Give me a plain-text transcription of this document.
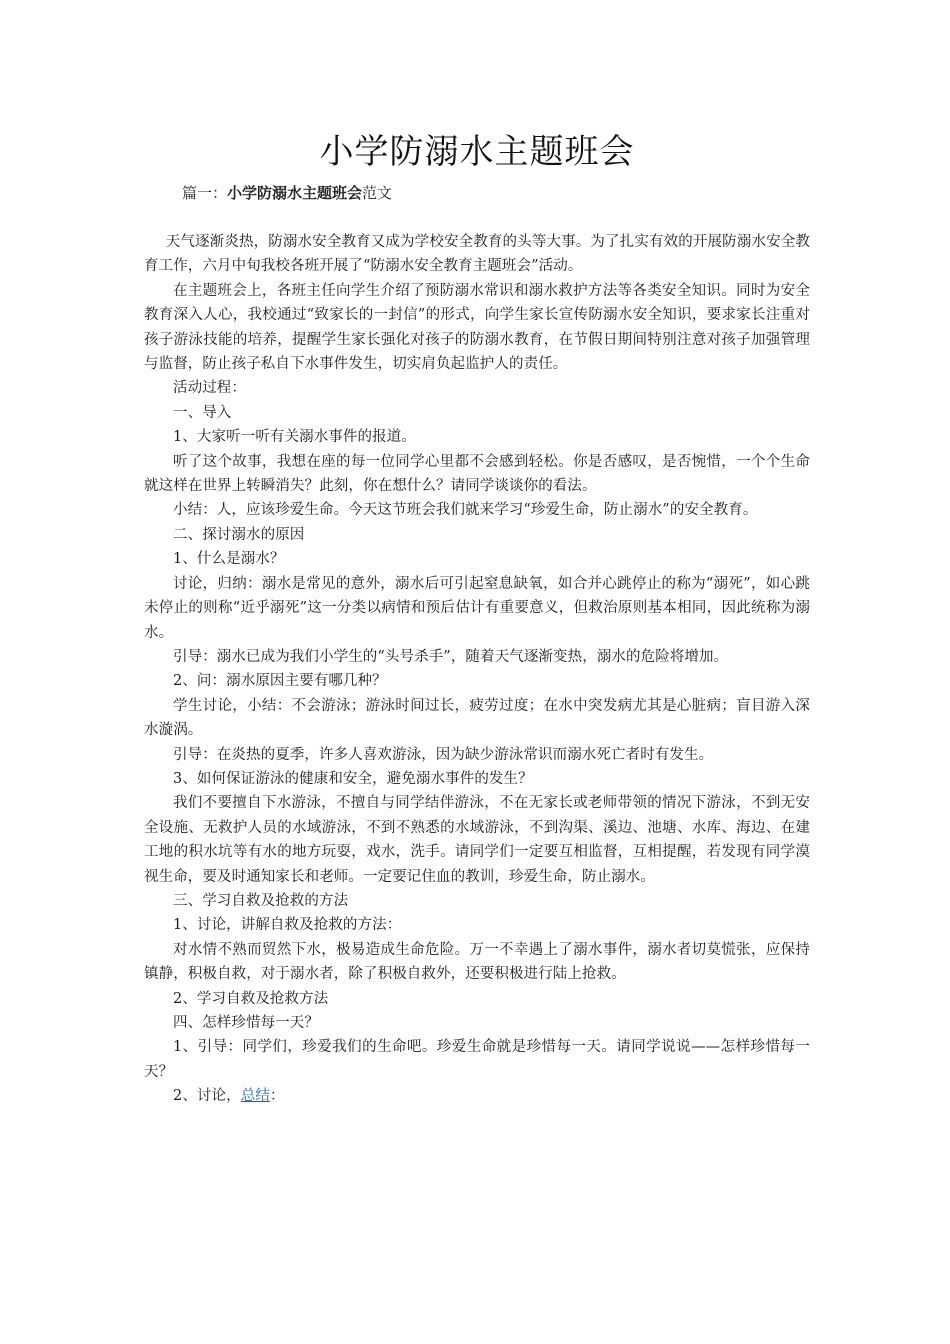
小学防溺水主题班会
篇一：小学防溺水主题班会范文

天气逐渐炎热，防溺水安全教育又成为学校安全教育的头等大事。为了扎实有效的开展防溺水安全教育工作，六月中旬我校各班开展了“防溺水安全教育主题班会”活动。

在主题班会上，各班主任向学生介绍了预防溺水常识和溺水救护方法等各类安全知识。同时为安全教育深入人心，我校通过“致家长的一封信”的形式，向学生家长宣传防溺水安全知识，要求家长注重对孩子游泳技能的培养，提醒学生家长强化对孩子的防溺水教育，在节假日期间特别注意对孩子加强管理与监督，防止孩子私自下水事件发生，切实肩负起监护人的责任。

活动过程：

一、导入

1、大家听一听有关溺水事件的报道。

听了这个故事，我想在座的每一位同学心里都不会感到轻松。你是否感叹，是否惋惜，一个个生命就这样在世界上转瞬消失？此刻，你在想什么？请同学谈谈你的看法。

小结：人，应该珍爱生命。今天这节班会我们就来学习“珍爱生命，防止溺水”的安全教育。

二、探讨溺水的原因

1、什么是溺水？

讨论，归纳：溺水是常见的意外，溺水后可引起窒息缺氧，如合并心跳停止的称为“溺死”，如心跳未停止的则称“近乎溺死”这一分类以病情和预后估计有重要意义，但救治原则基本相同，因此统称为溺水。

引导：溺水已成为我们小学生的“头号杀手”，随着天气逐渐变热，溺水的危险将增加。

2、问：溺水原因主要有哪几种？

学生讨论，小结：不会游泳；游泳时间过长，疲劳过度；在水中突发病尤其是心脏病；盲目游入深水漩涡。

引导：在炎热的夏季，许多人喜欢游泳，因为缺少游泳常识而溺水死亡者时有发生。

3、如何保证游泳的健康和安全，避免溺水事件的发生？

我们不要擅自下水游泳，不擅自与同学结伴游泳，不在无家长或老师带领的情况下游泳，不到无安全设施、无救护人员的水域游泳，不到不熟悉的水域游泳，不到沟渠、溪边、池塘、水库、海边、在建工地的积水坑等有水的地方玩耍，戏水，洗手。请同学们一定要互相监督，互相提醒，若发现有同学漠视生命，要及时通知家长和老师。一定要记住血的教训，珍爱生命，防止溺水。

三、学习自救及抢救的方法

1、讨论，讲解自救及抢救的方法：

对水情不熟而贸然下水，极易造成生命危险。万一不幸遇上了溺水事件，溺水者切莫慌张，应保持镇静，积极自救，对于溺水者，除了积极自救外，还要积极进行陆上抢救。

2、学习自救及抢救方法

四、怎样珍惜每一天？

1、引导：同学们，珍爱我们的生命吧。珍爱生命就是珍惜每一天。请同学说说——怎样珍惜每一天？

2、讨论，总结：
